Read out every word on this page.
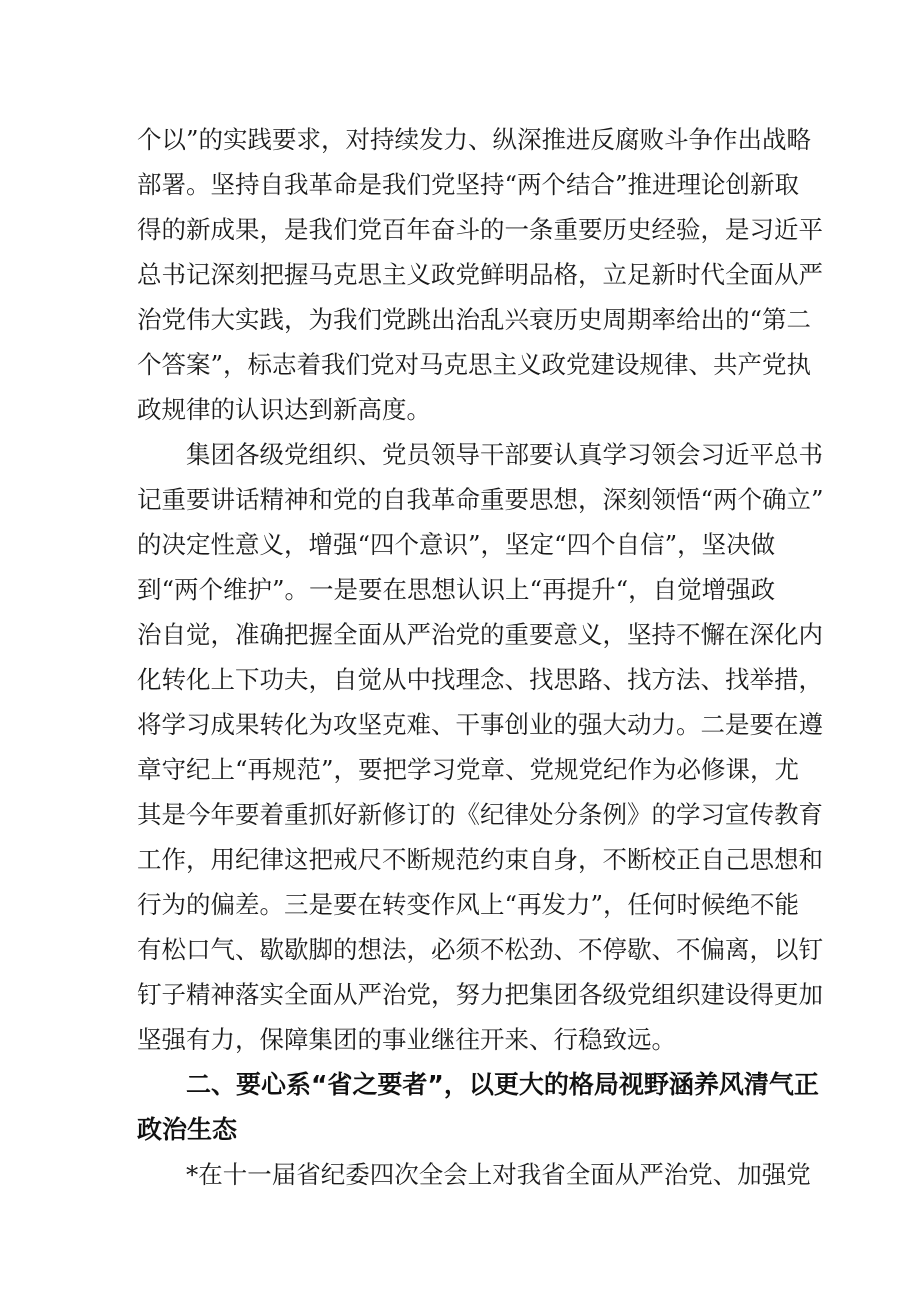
个以”的实践要求，对持续发力、纵深推进反腐败斗争作出战略
部署。坚持自我革命是我们党坚持“两个结合”推进理论创新取
得的新成果，是我们党百年奋斗的一条重要历史经验，是习近平
总书记深刻把握马克思主义政党鲜明品格，立足新时代全面从严
治党伟大实践，为我们党跳出治乱兴衰历史周期率给出的“第二
个答案”，标志着我们党对马克思主义政党建设规律、共产党执
政规律的认识达到新高度。
集团各级党组织、党员领导干部要认真学习领会习近平总书
记重要讲话精神和党的自我革命重要思想，深刻领悟“两个确立”
的决定性意义，增强“四个意识”，坚定“四个自信”，坚决做
到“两个维护”。一是要在思想认识上“再提升“，自觉增强政
治自觉，准确把握全面从严治党的重要意义，坚持不懈在深化内
化转化上下功夫，自觉从中找理念、找思路、找方法、找举措，
将学习成果转化为攻坚克难、干事创业的强大动力。二是要在遵
章守纪上“再规范”，要把学习党章、党规党纪作为必修课，尤
其是今年要着重抓好新修订的《纪律处分条例》的学习宣传教育
工作，用纪律这把戒尺不断规范约束自身，不断校正自己思想和
行为的偏差。三是要在转变作风上“再发力”，任何时候绝不能
有松口气、歇歇脚的想法，必须不松劲、不停歇、不偏离，以钉
钉子精神落实全面从严治党，努力把集团各级党组织建设得更加
坚强有力，保障集团的事业继往开来、行稳致远。
二、要心系“省之要者”，以更大的格局视野涵养风清气正
政治生态
*在十一届省纪委四次全会上对我省全面从严治党、加强党
